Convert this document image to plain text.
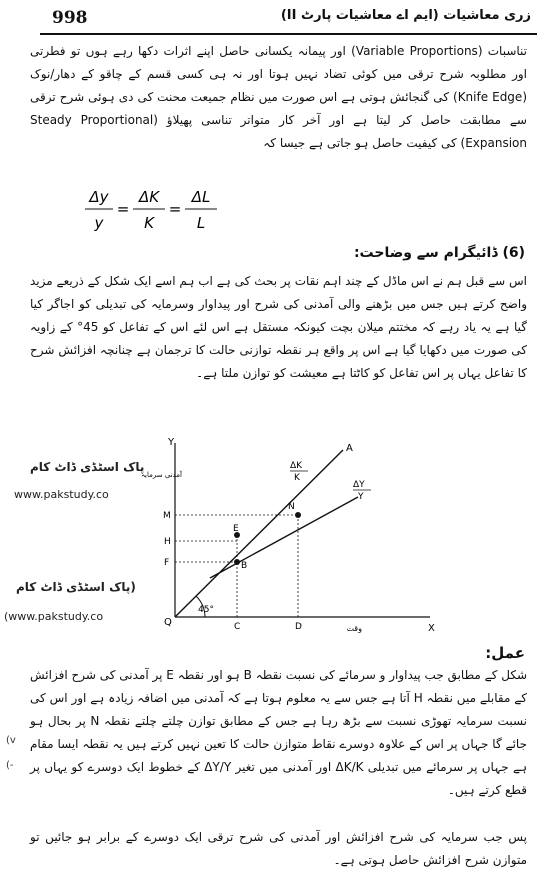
998	زری معاشیات (ایم اے معاشیات پارٹ II)
تناسبات (Variable Proportions) اور پیمانہ یکسانی حاصل اپنے اثرات دکھا رہے ہوں تو فطرتی اور مطلوبہ شرح ترقی میں کوئی تضاد نہیں ہوتا اور نہ ہی کسی قسم کے چاقو کے دھار/نوک (Knife Edge) کی گنجائش ہوتی ہے اس صورت میں نظام جمیعت محنت کی دی ہوئی شرح ترقی سے مطابقت حاصل کر لیتا ہے اور آخر کار متواتر تناسی پھیلاؤ (Steady Proportional Expansion) کی کیفیت حاصل ہو جاتی ہے جیسا کہ
Δy
y
=
ΔK
K
=
ΔL
L
(6) ڈائیگرام سے وضاحت:
اس سے قبل ہم نے اس ماڈل کے چند اہم نقات پر بحث کی ہے اب ہم اسے ایک شکل کے ذریعے مزید واضح کرتے ہیں جس میں بڑھنے والی آمدنی کی شرح اور پیداوار وسرمایہ کی تبدیلی کو اجاگر کیا گیا ہے یہ یاد رہے کہ مختتم میلان بچت کیونکہ مستقل ہے اس لئے اس کے تفاعل کو 45° کے زاویہ کی صورت میں دکھایا گیا ہے اس پر واقع ہر نقطہ توازنی حالت کا ترجمان ہے چنانچہ افزائش شرح کا تفاعل یہاں پر اس تفاعل کو کاٹتا ہے معیشت کو توازن ملتا ہے۔
پاک اسٹڈی ڈاٹ کام
www.pakstudy.co
(پاک اسٹڈی ڈاٹ کام
(www.pakstudy.co
Y
X
آمدنی سرمایہ
وقت
Q
45°
A
ΔK
K
ΔY
Y
M
H
F
E
B
N
C	D
عمل:
شکل کے مطابق جب پیداوار و سرمائے کی نسبت نقطہ B ہو اور نقطہ E پر آمدنی کی شرح افزائش کے مقابلے میں نقطہ H آتا ہے جس سے یہ معلوم ہوتا ہے کہ آمدنی میں اضافہ زیادہ ہے اور اس کی نسبت سرمایہ تھوڑی نسبت سے بڑھ رہا ہے جس کے مطابق توازن چلتے چلتے نقطہ N پر بحال ہو جائے گا جہاں پر اس کے علاوہ دوسرے نقاط متوازن حالت کا تعین نہیں کرتے ہیں یہ نقطہ ایسا مقام ہے جہاں پر سرمائے میں تبدیلی ΔK/K اور آمدنی میں تغیر ΔY/Y کے خطوط ایک دوسرے کو یہاں پر قطع کرتے ہیں۔
پس جب سرمایہ کی شرح افزائش اور آمدنی کی شرح ترقی ایک دوسرے کے برابر ہو جائیں تو متوازن شرح افزائش حاصل ہوتی ہے۔
(v
(-
